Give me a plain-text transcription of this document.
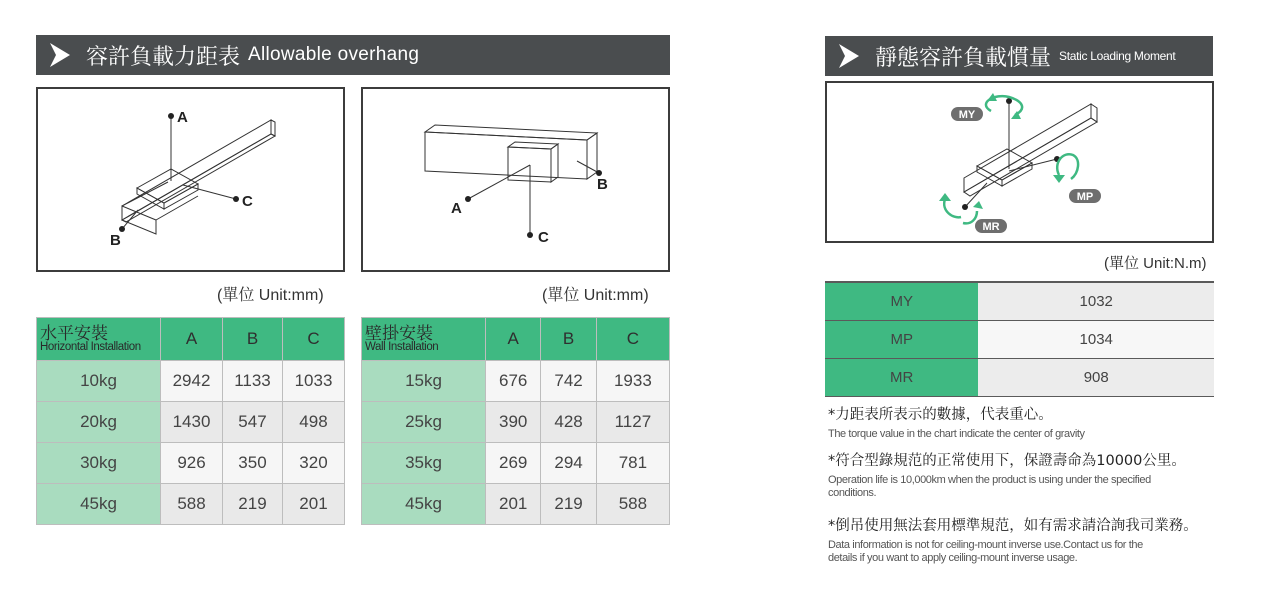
容許負載力距表 Allowable overhang	靜態容許負載慣量 Static Loading Moment
A
C
B
A
C
B
(單位 Unit:mm)	(單位 Unit:mm)
水平安裝
Horizontal Installation	A	B	C
10kg	2942	1133	1033
20kg	1430	547	498
30kg	926	350	320
45kg	588	219	201
壁掛安裝
Wall Installation	A	B	C
15kg	676	742	1933
25kg	390	428	1127
35kg	269	294	781
45kg	201	219	588
MY
MP
MR
(單位 Unit:N.m)
MY	1032
MP	1034
MR	908

*力距表所表示的數據，代表重心。

The torque value in the chart indicate the center of gravity

*符合型錄規范的正常使用下，保證壽命為10000公里。

Operation life is 10,000km when the product is using under the specified conditions.

*倒吊使用無法套用標準規范，如有需求請洽詢我司業務。

Data information is not for ceiling-mount inverse use.Contact us for the details if you want to apply ceiling-mount inverse usage.
